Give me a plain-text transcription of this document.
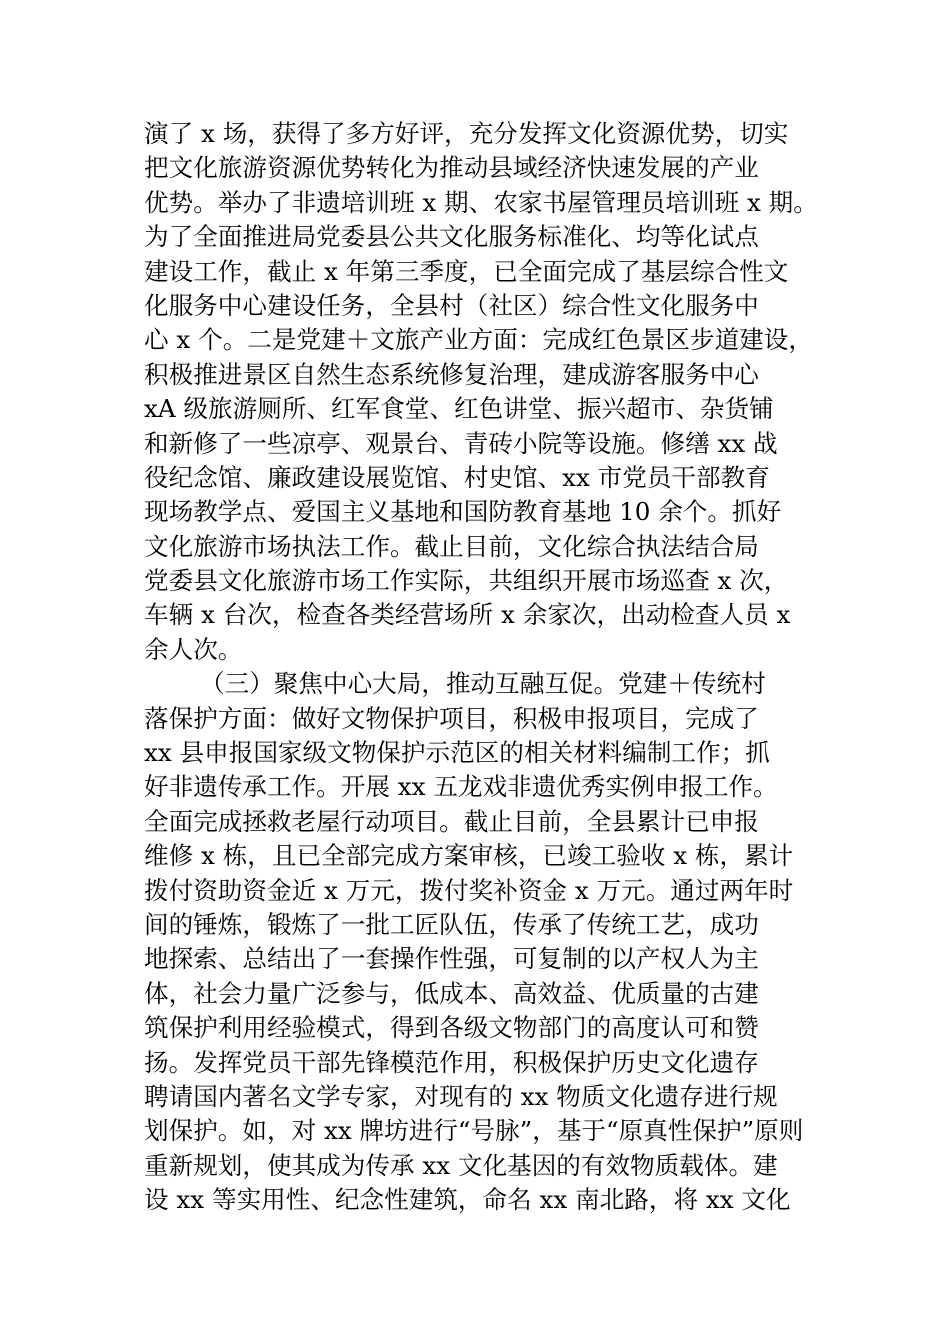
演了 x 场，获得了多方好评，充分发挥文化资源优势，切实
把文化旅游资源优势转化为推动县域经济快速发展的产业
优势。举办了非遗培训班 x 期、农家书屋管理员培训班 x 期。
为了全面推进局党委县公共文化服务标准化、均等化试点
建设工作，截止 x 年第三季度，已全面完成了基层综合性文
化服务中心建设任务，全县村（社区）综合性文化服务中
心 x 个。二是党建＋文旅产业方面：完成红色景区步道建设，
积极推进景区自然生态系统修复治理，建成游客服务中心
xA 级旅游厕所、红军食堂、红色讲堂、振兴超市、杂货铺
和新修了一些凉亭、观景台、青砖小院等设施。修缮 xx 战
役纪念馆、廉政建设展览馆、村史馆、xx 市党员干部教育
现场教学点、爱国主义基地和国防教育基地 10 余个。抓好
文化旅游市场执法工作。截止目前，文化综合执法结合局
党委县文化旅游市场工作实际，共组织开展市场巡查 x 次，
车辆 x 台次，检查各类经营场所 x 余家次，出动检查人员 x
余人次。
（三）聚焦中心大局，推动互融互促。党建＋传统村
落保护方面：做好文物保护项目，积极申报项目，完成了
xx 县申报国家级文物保护示范区的相关材料编制工作；抓
好非遗传承工作。开展 xx 五龙戏非遗优秀实例申报工作。
全面完成拯救老屋行动项目。截止目前，全县累计已申报
维修 x 栋，且已全部完成方案审核，已竣工验收 x 栋，累计
拨付资助资金近 x 万元，拨付奖补资金 x 万元。通过两年时
间的锤炼，锻炼了一批工匠队伍，传承了传统工艺，成功
地探索、总结出了一套操作性强，可复制的以产权人为主
体，社会力量广泛参与，低成本、高效益、优质量的古建
筑保护利用经验模式，得到各级文物部门的高度认可和赞
扬。发挥党员干部先锋模范作用，积极保护历史文化遗存
聘请国内著名文学专家，对现有的 xx 物质文化遗存进行规
划保护。如，对 xx 牌坊进行“号脉”，基于“原真性保护”原则
重新规划，使其成为传承 xx 文化基因的有效物质载体。建
设 xx 等实用性、纪念性建筑，命名 xx 南北路，将 xx 文化
